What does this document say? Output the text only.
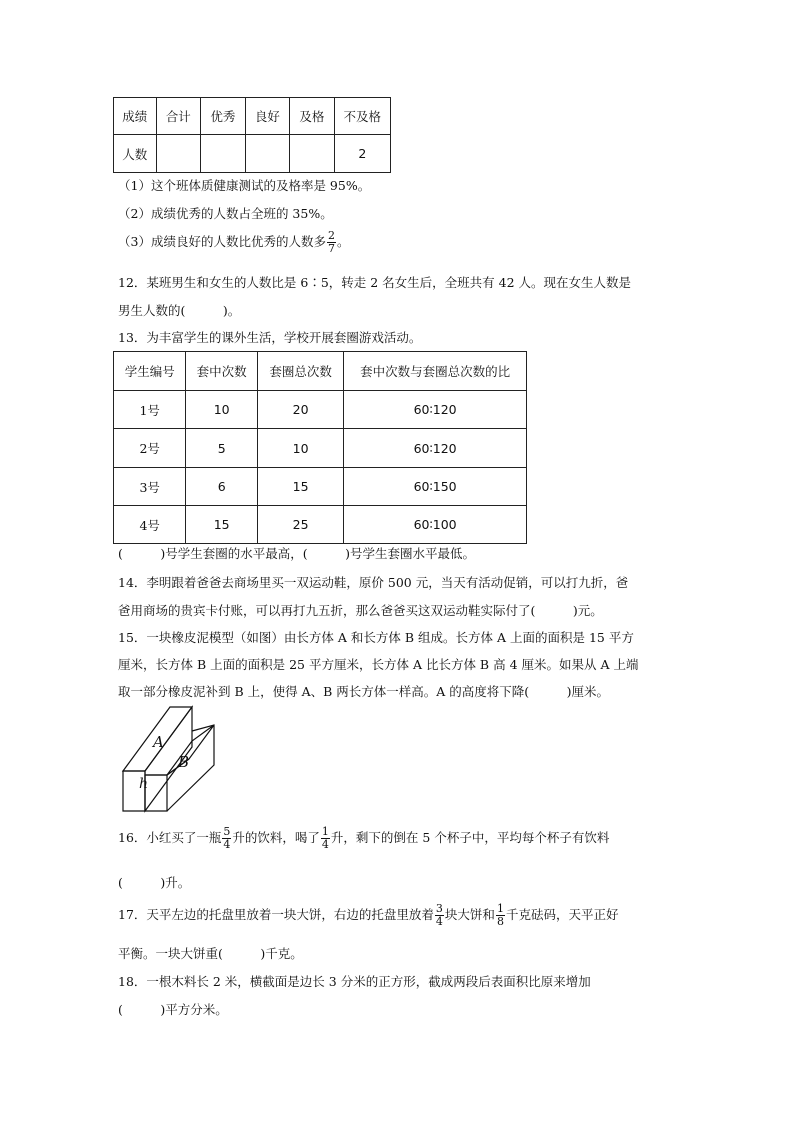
成绩	合计	优秀	良好	及格	不及格
人数					2
（1）这个班体质健康测试的及格率是 95%。
（2）成绩优秀的人数占全班的 35%。
（3）成绩良好的人数比优秀的人数多 $\frac{2}{7}$ 。
12．某班男生和女生的人数比是 6∶5，转走 2 名女生后，全班共有 42 人。现在女生人数是
男生人数的(　　　)。
13．为丰富学生的课外生活，学校开展套圈游戏活动。
学生编号	套中次数	套圈总次数	套中次数与套圈总次数的比
1号	10	20	60∶120
2号	5	10	60∶120
3号	6	15	60∶150
4号	15	25	60∶100
(　　　)号学生套圈的水平最高，(　　　)号学生套圈水平最低。
14．李明跟着爸爸去商场里买一双运动鞋，原价 500 元，当天有活动促销，可以打九折，爸
爸用商场的贵宾卡付账，可以再打九五折，那么爸爸买这双运动鞋实际付了(　　　)元。
15．一块橡皮泥模型（如图）由长方体 A 和长方体 B 组成。长方体 A 上面的面积是 15 平方
厘米，长方体 B 上面的面积是 25 平方厘米，长方体 A 比长方体 B 高 4 厘米。如果从 A 上端
取一部分橡皮泥补到 B 上，使得 A、B 两长方体一样高。A 的高度将下降(　　　)厘米。
A
B
h
16．小红买了一瓶 $\frac{5}{4}$ 升的饮料，喝了 $\frac{1}{4}$ 升，剩下的倒在 5 个杯子中，平均每个杯子有饮料
(　　　)升。
17．天平左边的托盘里放着一块大饼，右边的托盘里放着 $\frac{3}{4}$ 块大饼和 $\frac{1}{8}$ 千克砝码，天平正好
平衡。一块大饼重(　　　)千克。
18．一根木料长 2 米，横截面是边长 3 分米的正方形，截成两段后表面积比原来增加
(　　　)平方分米。
